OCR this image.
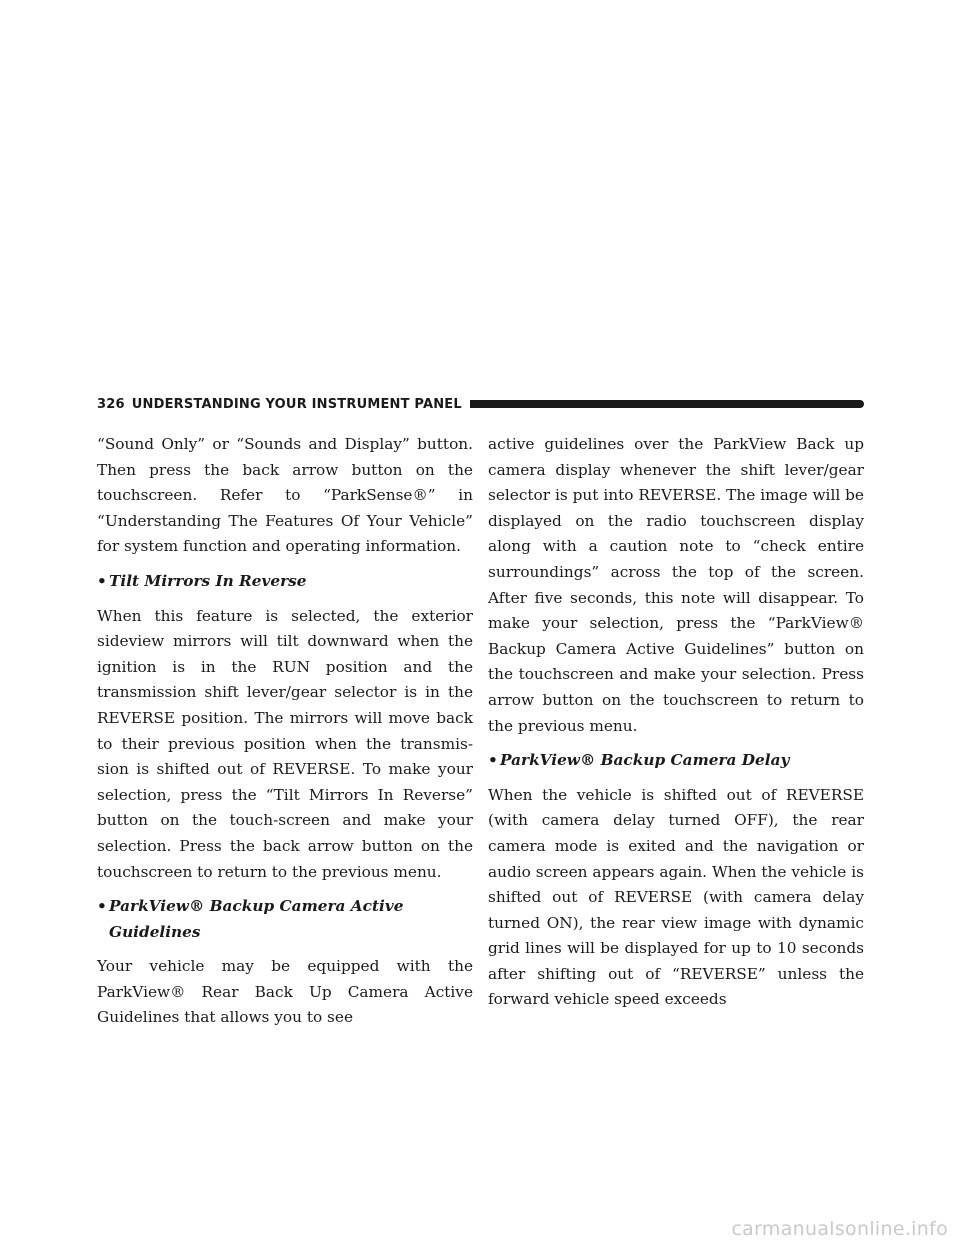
326 UNDERSTANDING YOUR INSTRUMENT PANEL

“Sound Only” or “Sounds and Display” button. Then press the back arrow button on the touchscreen. Refer to “ParkSense®” in “Understanding The Features Of Your Vehicle” for system function and operating information.

• Tilt Mirrors In Reverse

When this feature is selected, the exterior sideview mirrors will tilt downward when the ignition is in the RUN position and the transmission shift lever/gear selector is in the REVERSE position. The mirrors will move back to their previous position when the transmis-sion is shifted out of REVERSE. To make your selection, press the “Tilt Mirrors In Reverse” button on the touch-screen and make your selection. Press the back arrow button on the touchscreen to return to the previous menu.

• ParkView® Backup Camera Active Guidelines

Your vehicle may be equipped with the ParkView® Rear Back Up Camera Active Guidelines that allows you to see

active guidelines over the ParkView Back up camera display whenever the shift lever/gear selector is put into REVERSE. The image will be displayed on the radio touchscreen display along with a caution note to “check entire surroundings” across the top of the screen. After five seconds, this note will disappear. To make your selection, press the “ParkView® Backup Camera Active Guidelines” button on the touchscreen and make your selection. Press arrow button on the touchscreen to return to the previous menu.

• ParkView® Backup Camera Delay

When the vehicle is shifted out of REVERSE (with camera delay turned OFF), the rear camera mode is exited and the navigation or audio screen appears again. When the vehicle is shifted out of REVERSE (with camera delay turned ON), the rear view image with dynamic grid lines will be displayed for up to 10 seconds after shifting out of “REVERSE” unless the forward vehicle speed exceeds

carmanualsonline.info
